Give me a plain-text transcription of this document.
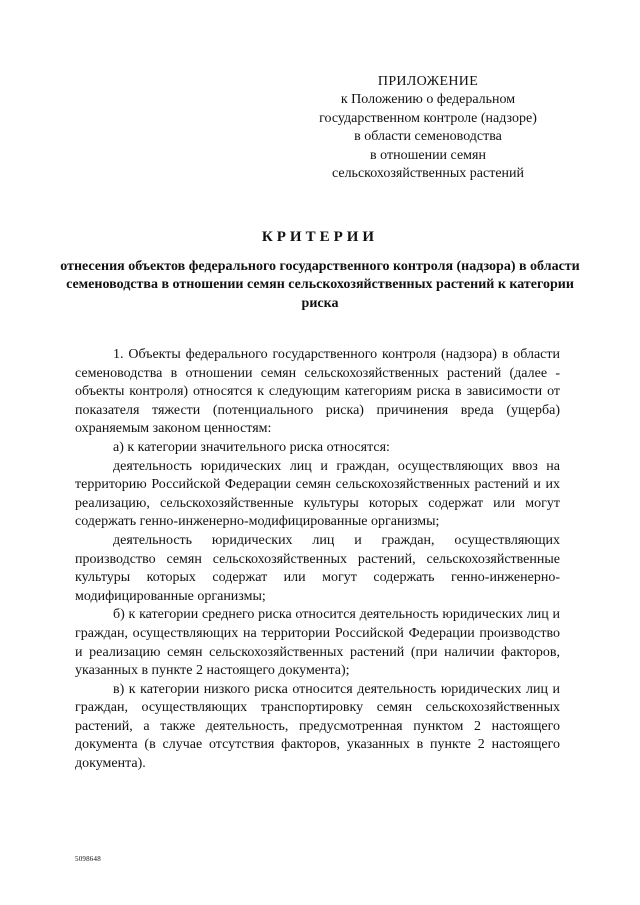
ПРИЛОЖЕНИЕ
к Положению о федеральном
государственном контроле (надзоре)
в области семеноводства
в отношении семян
сельскохозяйственных растений
КРИТЕРИИ
отнесения объектов федерального государственного контроля (надзора) в области семеноводства в отношении семян сельскохозяйственных растений к категории риска

1. Объекты федерального государственного контроля (надзора) в области семеноводства в отношении семян сельскохозяйственных растений (далее - объекты контроля) относятся к следующим категориям риска в зависимости от показателя тяжести (потенциального риска) причинения вреда (ущерба) охраняемым законом ценностям:

а) к категории значительного риска относятся:

деятельность юридических лиц и граждан, осуществляющих ввоз на территорию Российской Федерации семян сельскохозяйственных растений и их реализацию, сельскохозяйственные культуры которых содержат или могут содержать генно-инженерно-модифицированные организмы;

деятельность юридических лиц и граждан, осуществляющих производство семян сельскохозяйственных растений, сельскохозяйственные культуры которых содержат или могут содержать генно-инженерно-модифицированные организмы;

б) к категории среднего риска относится деятельность юридических лиц и граждан, осуществляющих на территории Российской Федерации производство и реализацию семян сельскохозяйственных растений (при наличии факторов, указанных в пункте 2 настоящего документа);

в) к категории низкого риска относится деятельность юридических лиц и граждан, осуществляющих транспортировку семян сельскохозяйственных растений, а также деятельность, предусмотренная пунктом 2 настоящего документа (в случае отсутствия факторов, указанных в пункте 2 настоящего документа).

5098648
